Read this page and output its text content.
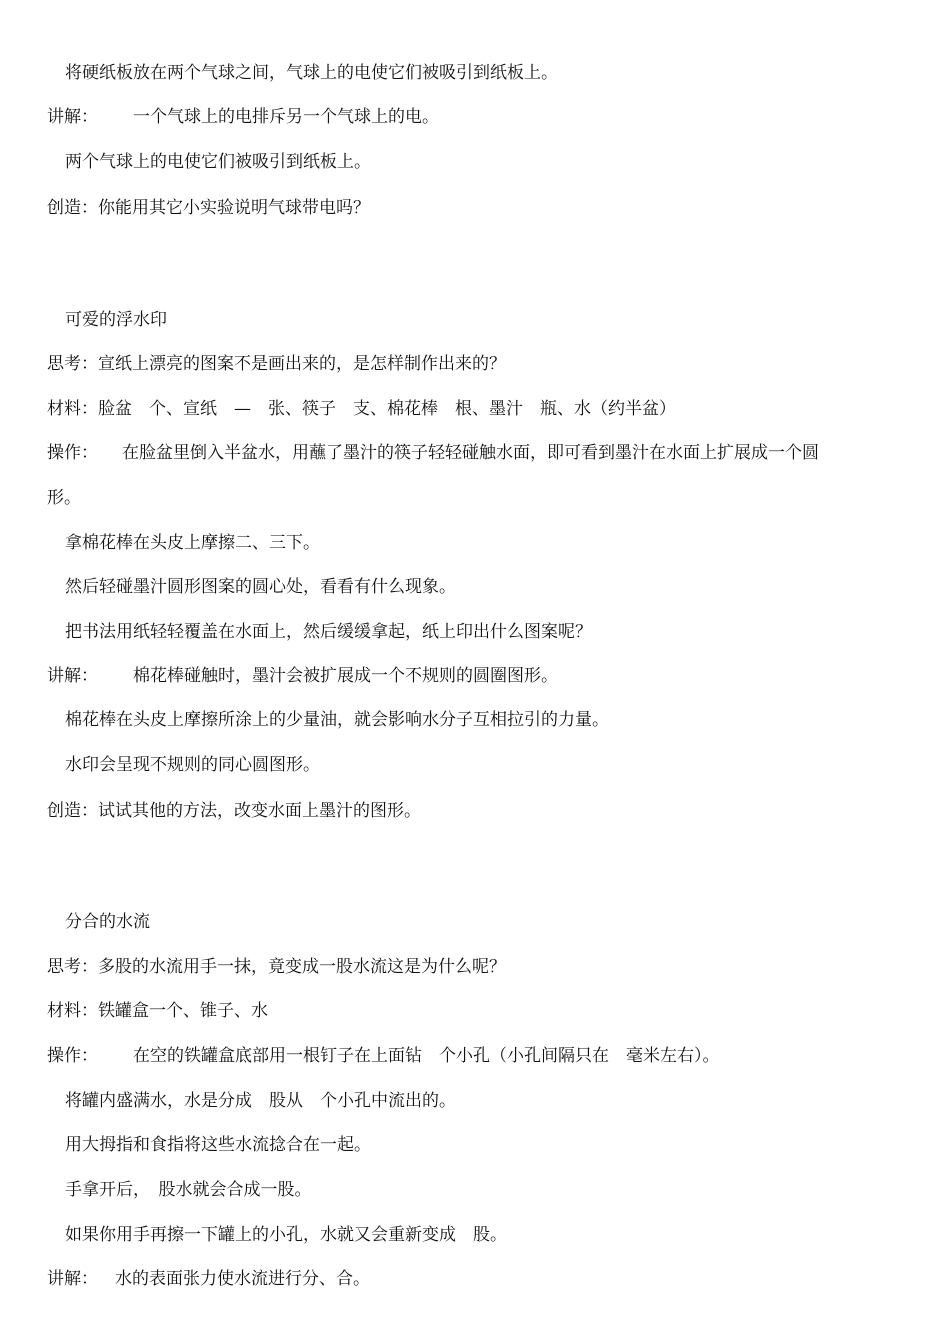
将硬纸板放在两个气球之间，气球上的电使它们被吸引到纸板上。
讲解： 一个气球上的电排斥另一个气球上的电。
两个气球上的电使它们被吸引到纸板上。
创造：你能用其它小实验说明气球带电吗？
可爱的浮水印
思考：宣纸上漂亮的图案不是画出来的，是怎样制作出来的？
材料：脸盆　个、宣纸　—　张、筷子　支、棉花棒　根、墨汁　瓶、水（约半盆）
操作： 在脸盆里倒入半盆水，用蘸了墨汁的筷子轻轻碰触水面，即可看到墨汁在水面上扩展成一个圆
形。
拿棉花棒在头皮上摩擦二、三下。
然后轻碰墨汁圆形图案的圆心处，看看有什么现象。
把书法用纸轻轻覆盖在水面上，然后缓缓拿起，纸上印出什么图案呢？
讲解： 棉花棒碰触时，墨汁会被扩展成一个不规则的圆圈图形。
棉花棒在头皮上摩擦所涂上的少量油，就会影响水分子互相拉引的力量。
水印会呈现不规则的同心圆图形。
创造：试试其他的方法，改变水面上墨汁的图形。
分合的水流
思考：多股的水流用手一抹，竟变成一股水流这是为什么呢？
材料：铁罐盒一个、锥子、水
操作： 在空的铁罐盒底部用一根钉子在上面钻　个小孔（小孔间隔只在　毫米左右）。
将罐内盛满水，水是分成　股从　个小孔中流出的。
用大拇指和食指将这些水流捻合在一起。
手拿开后，　股水就会合成一股。
如果你用手再擦一下罐上的小孔，水就又会重新变成　股。
讲解： 水的表面张力使水流进行分、合。
